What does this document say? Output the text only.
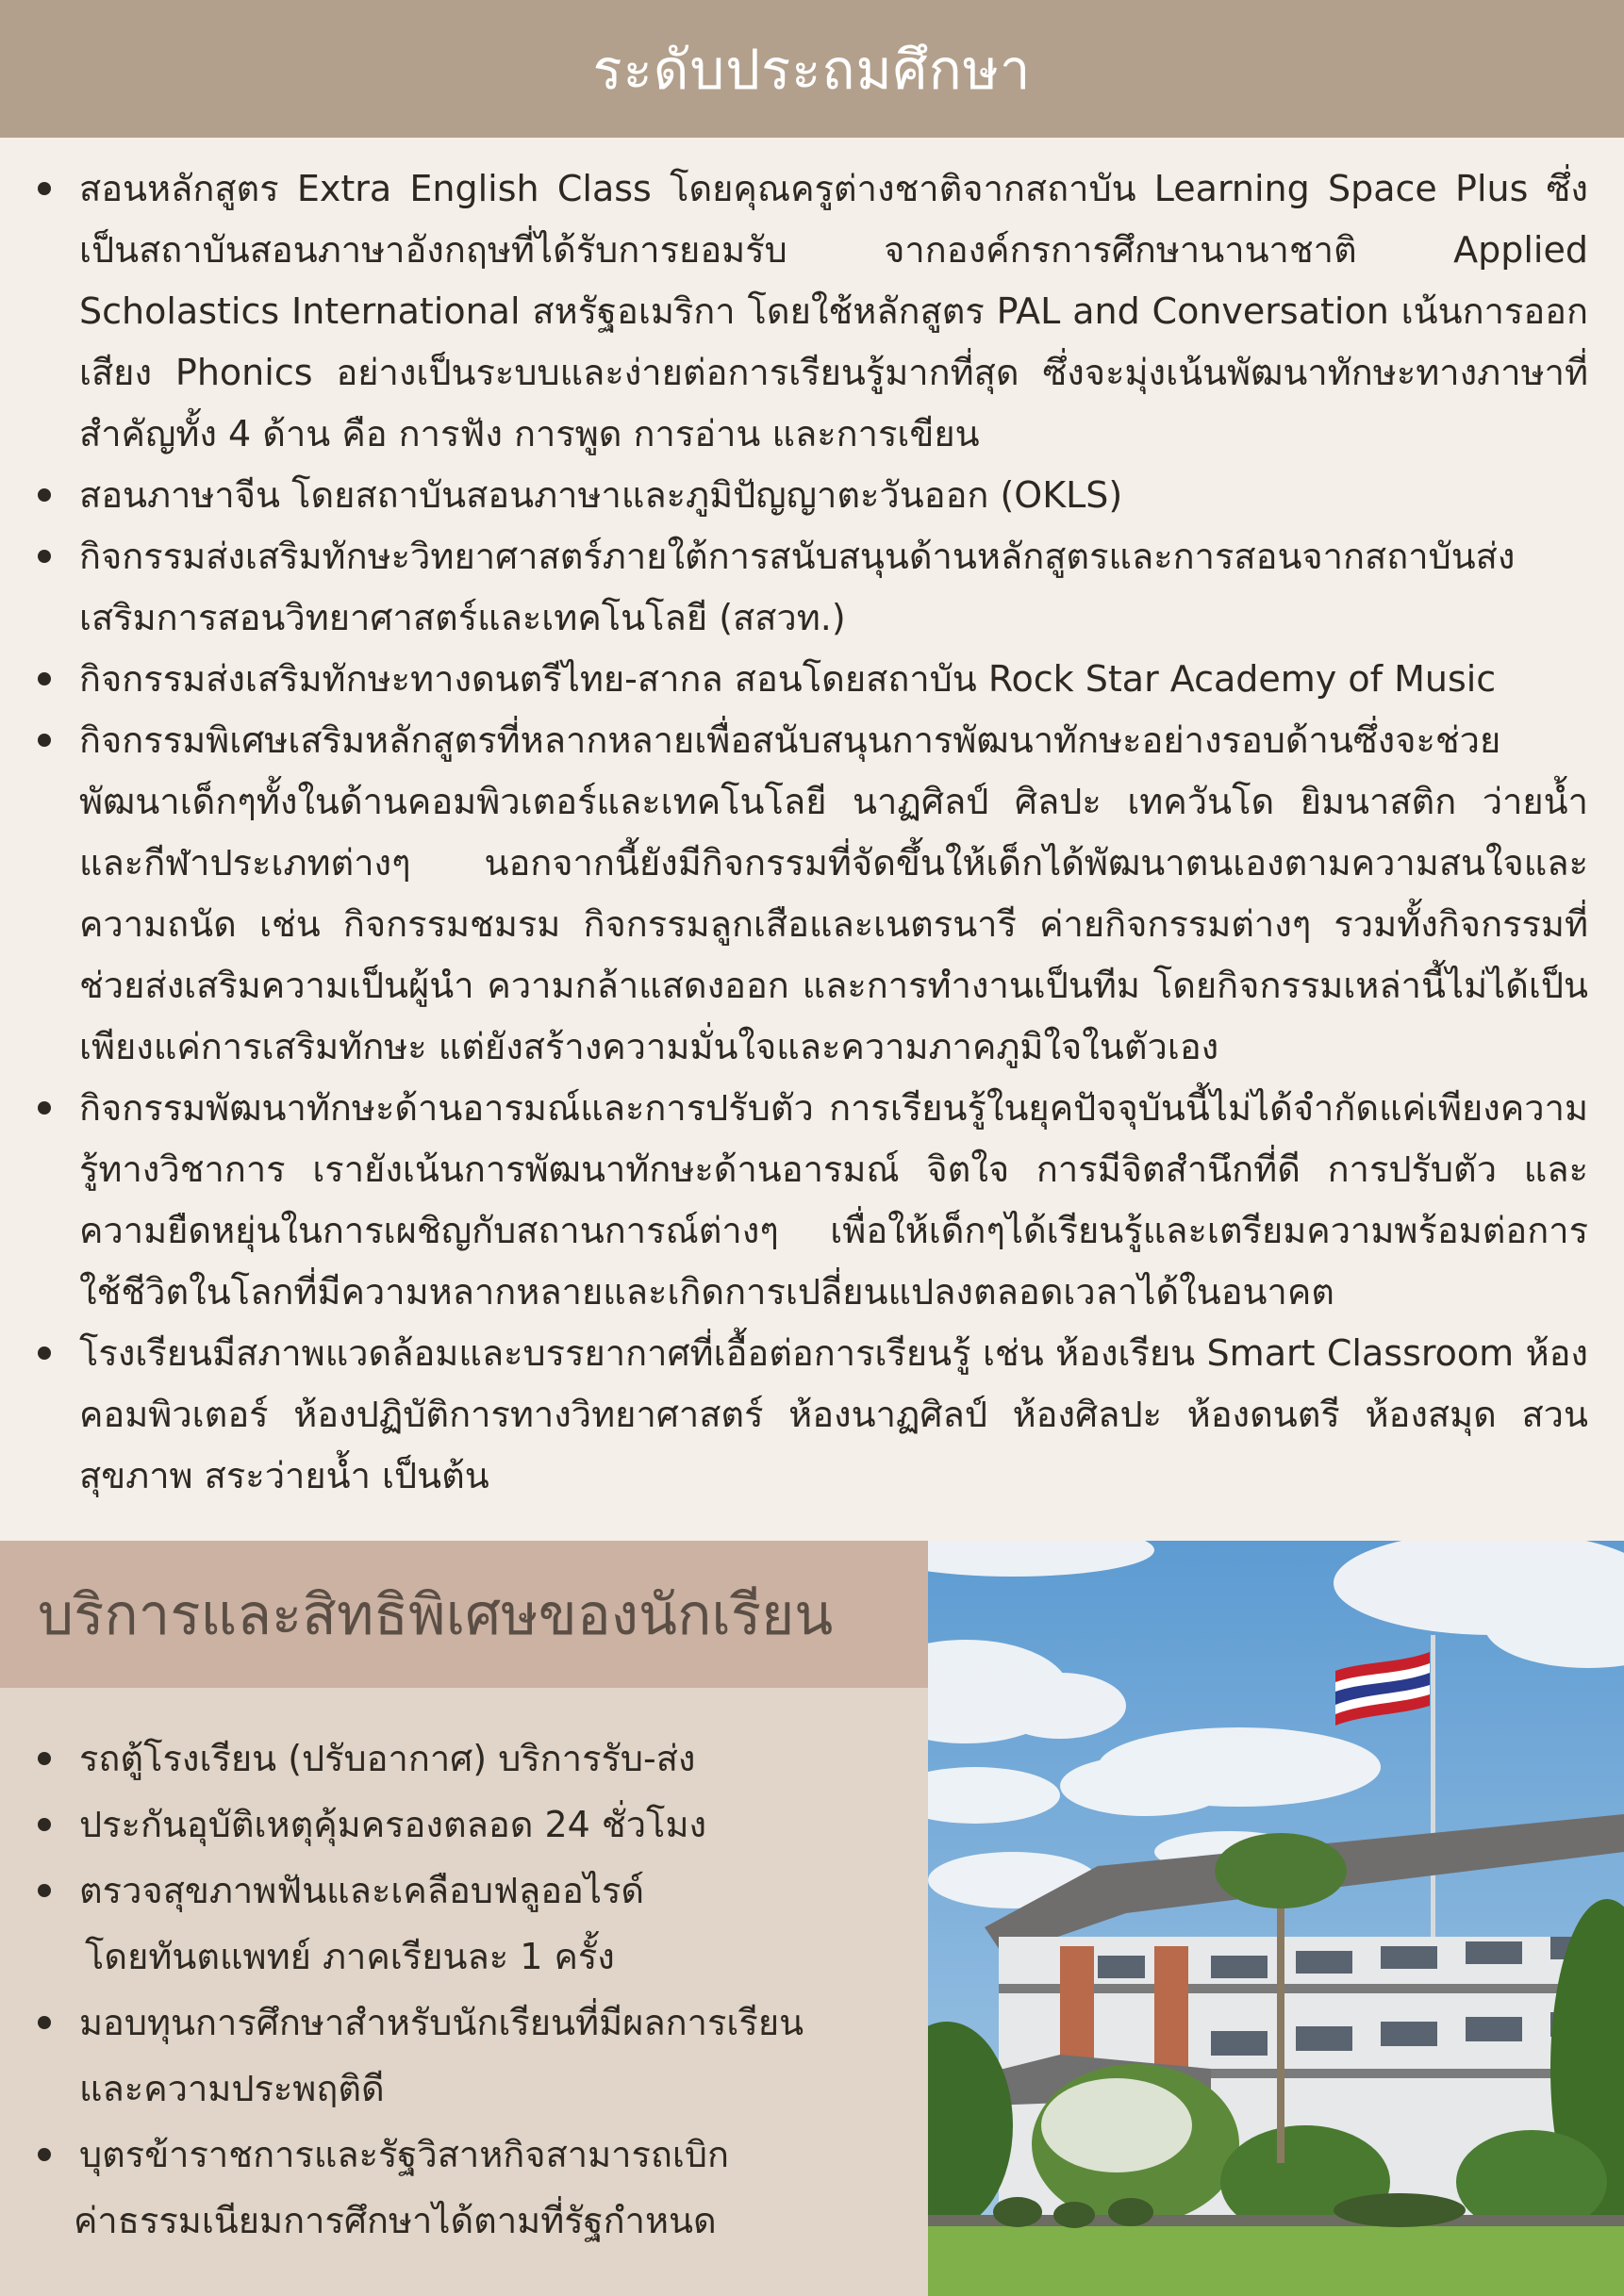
ระดับประถมศึกษา
สอนหลักสูตร Extra English Class โดยคุณครูต่างชาติจากสถาบัน Learning Space Plus ซึ่งเป็นสถาบันสอนภาษาอังกฤษที่ได้รับการยอมรับ จากองค์กรการศึกษานานาชาติ Applied Scholastics International สหรัฐอเมริกา โดยใช้หลักสูตร PAL and Conversation เน้นการออกเสียง Phonics อย่างเป็นระบบและง่ายต่อการเรียนรู้มากที่สุด ซึ่งจะมุ่งเน้นพัฒนาทักษะทางภาษาที่สำคัญทั้ง 4 ด้าน คือ การฟัง การพูด การอ่าน และการเขียน
สอนภาษาจีน โดยสถาบันสอนภาษาและภูมิปัญญาตะวันออก (OKLS)
กิจกรรมส่งเสริมทักษะวิทยาศาสตร์ภายใต้การสนับสนุนด้านหลักสูตรและการสอนจากสถาบันส่งเสริมการสอนวิทยาศาสตร์และเทคโนโลยี (สสวท.)
กิจกรรมส่งเสริมทักษะทางดนตรีไทย-สากล สอนโดยสถาบัน Rock Star Academy of Music
กิจกรรมพิเศษเสริมหลักสูตรที่หลากหลายเพื่อสนับสนุนการพัฒนาทักษะอย่างรอบด้านซึ่งจะช่วยพัฒนาเด็กๆทั้งในด้านคอมพิวเตอร์และเทคโนโลยี นาฏศิลป์ ศิลปะ เทควันโด ยิมนาสติก ว่ายน้ำ และกีฬาประเภทต่างๆ นอกจากนี้ยังมีกิจกรรมที่จัดขึ้นให้เด็กได้พัฒนาตนเองตามความสนใจและความถนัด เช่น กิจกรรมชมรม กิจกรรมลูกเสือและเนตรนารี ค่ายกิจกรรมต่างๆ รวมทั้งกิจกรรมที่ช่วยส่งเสริมความเป็นผู้นำ ความกล้าแสดงออก และการทำงานเป็นทีม โดยกิจกรรมเหล่านี้ไม่ได้เป็นเพียงแค่การเสริมทักษะ แต่ยังสร้างความมั่นใจและความภาคภูมิใจในตัวเอง
กิจกรรมพัฒนาทักษะด้านอารมณ์และการปรับตัว การเรียนรู้ในยุคปัจจุบันนี้ไม่ได้จำกัดแค่เพียงความรู้ทางวิชาการ เรายังเน้นการพัฒนาทักษะด้านอารมณ์ จิตใจ การมีจิตสำนึกที่ดี การปรับตัว และความยืดหยุ่นในการเผชิญกับสถานการณ์ต่างๆ เพื่อให้เด็กๆได้เรียนรู้และเตรียมความพร้อมต่อการใช้ชีวิตในโลกที่มีความหลากหลายและเกิดการเปลี่ยนแปลงตลอดเวลาได้ในอนาคต
โรงเรียนมีสภาพแวดล้อมและบรรยากาศที่เอื้อต่อการเรียนรู้ เช่น ห้องเรียน Smart Classroom ห้องคอมพิวเตอร์ ห้องปฏิบัติการทางวิทยาศาสตร์ ห้องนาฏศิลป์ ห้องศิลปะ ห้องดนตรี ห้องสมุด สวนสุขภาพ สระว่ายน้ำ เป็นต้น
บริการและสิทธิพิเศษของนักเรียน
รถตู้โรงเรียน (ปรับอากาศ) บริการรับ-ส่ง
ประกันอุบัติเหตุคุ้มครองตลอด 24 ชั่วโมง
ตรวจสุขภาพฟันและเคลือบฟลูออไรด์
โดยทันตแพทย์ ภาคเรียนละ 1 ครั้ง
มอบทุนการศึกษาสำหรับนักเรียนที่มีผลการเรียน
และความประพฤติดี
บุตรข้าราชการและรัฐวิสาหกิจสามารถเบิก
ค่าธรรมเนียมการศึกษาได้ตามที่รัฐกำหนด
